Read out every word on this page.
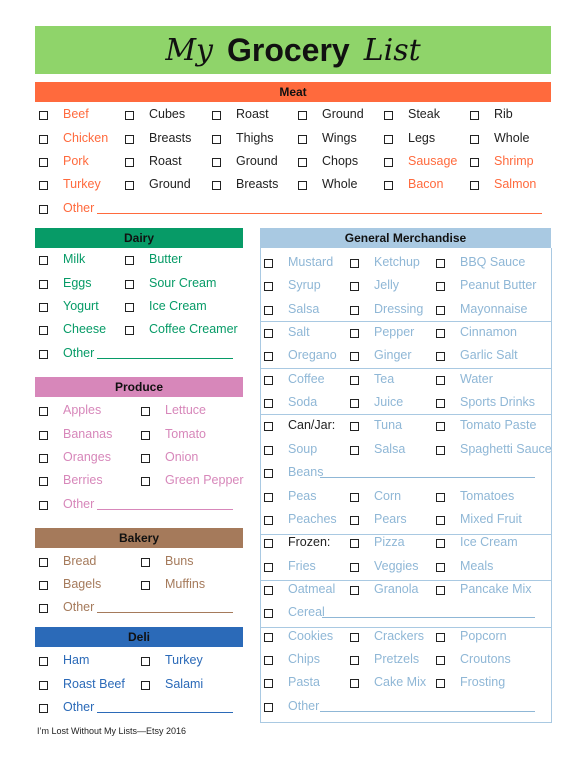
My Grocery List
Meat
Beef	Cubes	Roast	Ground	Steak	Rib
Chicken	Breasts	Thighs	Wings	Legs	Whole
Pork	Roast	Ground	Chops	Sausage	Shrimp
Turkey	Ground	Breasts	Whole	Bacon	Salmon
Other
Dairy
Milk	Butter
Eggs	Sour Cream
Yogurt	Ice Cream
Cheese	Coffee Creamer
Other
Produce
Apples	Lettuce
Bananas	Tomato
Oranges	Onion
Berries	Green Pepper
Other
Bakery
Bread	Buns
Bagels	Muffins
Other
Deli
Ham	Turkey
Roast Beef	Salami
Other
General Merchandise
Mustard	Ketchup	BBQ Sauce
Syrup	Jelly	Peanut Butter
Salsa	Dressing	Mayonnaise
Salt	Pepper	Cinnamon
Oregano	Ginger	Garlic Salt
Coffee	Tea	Water
Soda	Juice	Sports Drinks
Can/Jar:	Tuna	Tomato Paste
Soup	Salsa	Spaghetti Sauce
Beans
Peas	Corn	Tomatoes
Peaches	Pears	Mixed Fruit
Frozen:	Pizza	Ice Cream
Fries	Veggies	Meals
Oatmeal	Granola	Pancake Mix
Cereal
Cookies	Crackers	Popcorn
Chips	Pretzels	Croutons
Pasta	Cake Mix	Frosting
Other
I’m Lost Without My Lists—Etsy 2016
